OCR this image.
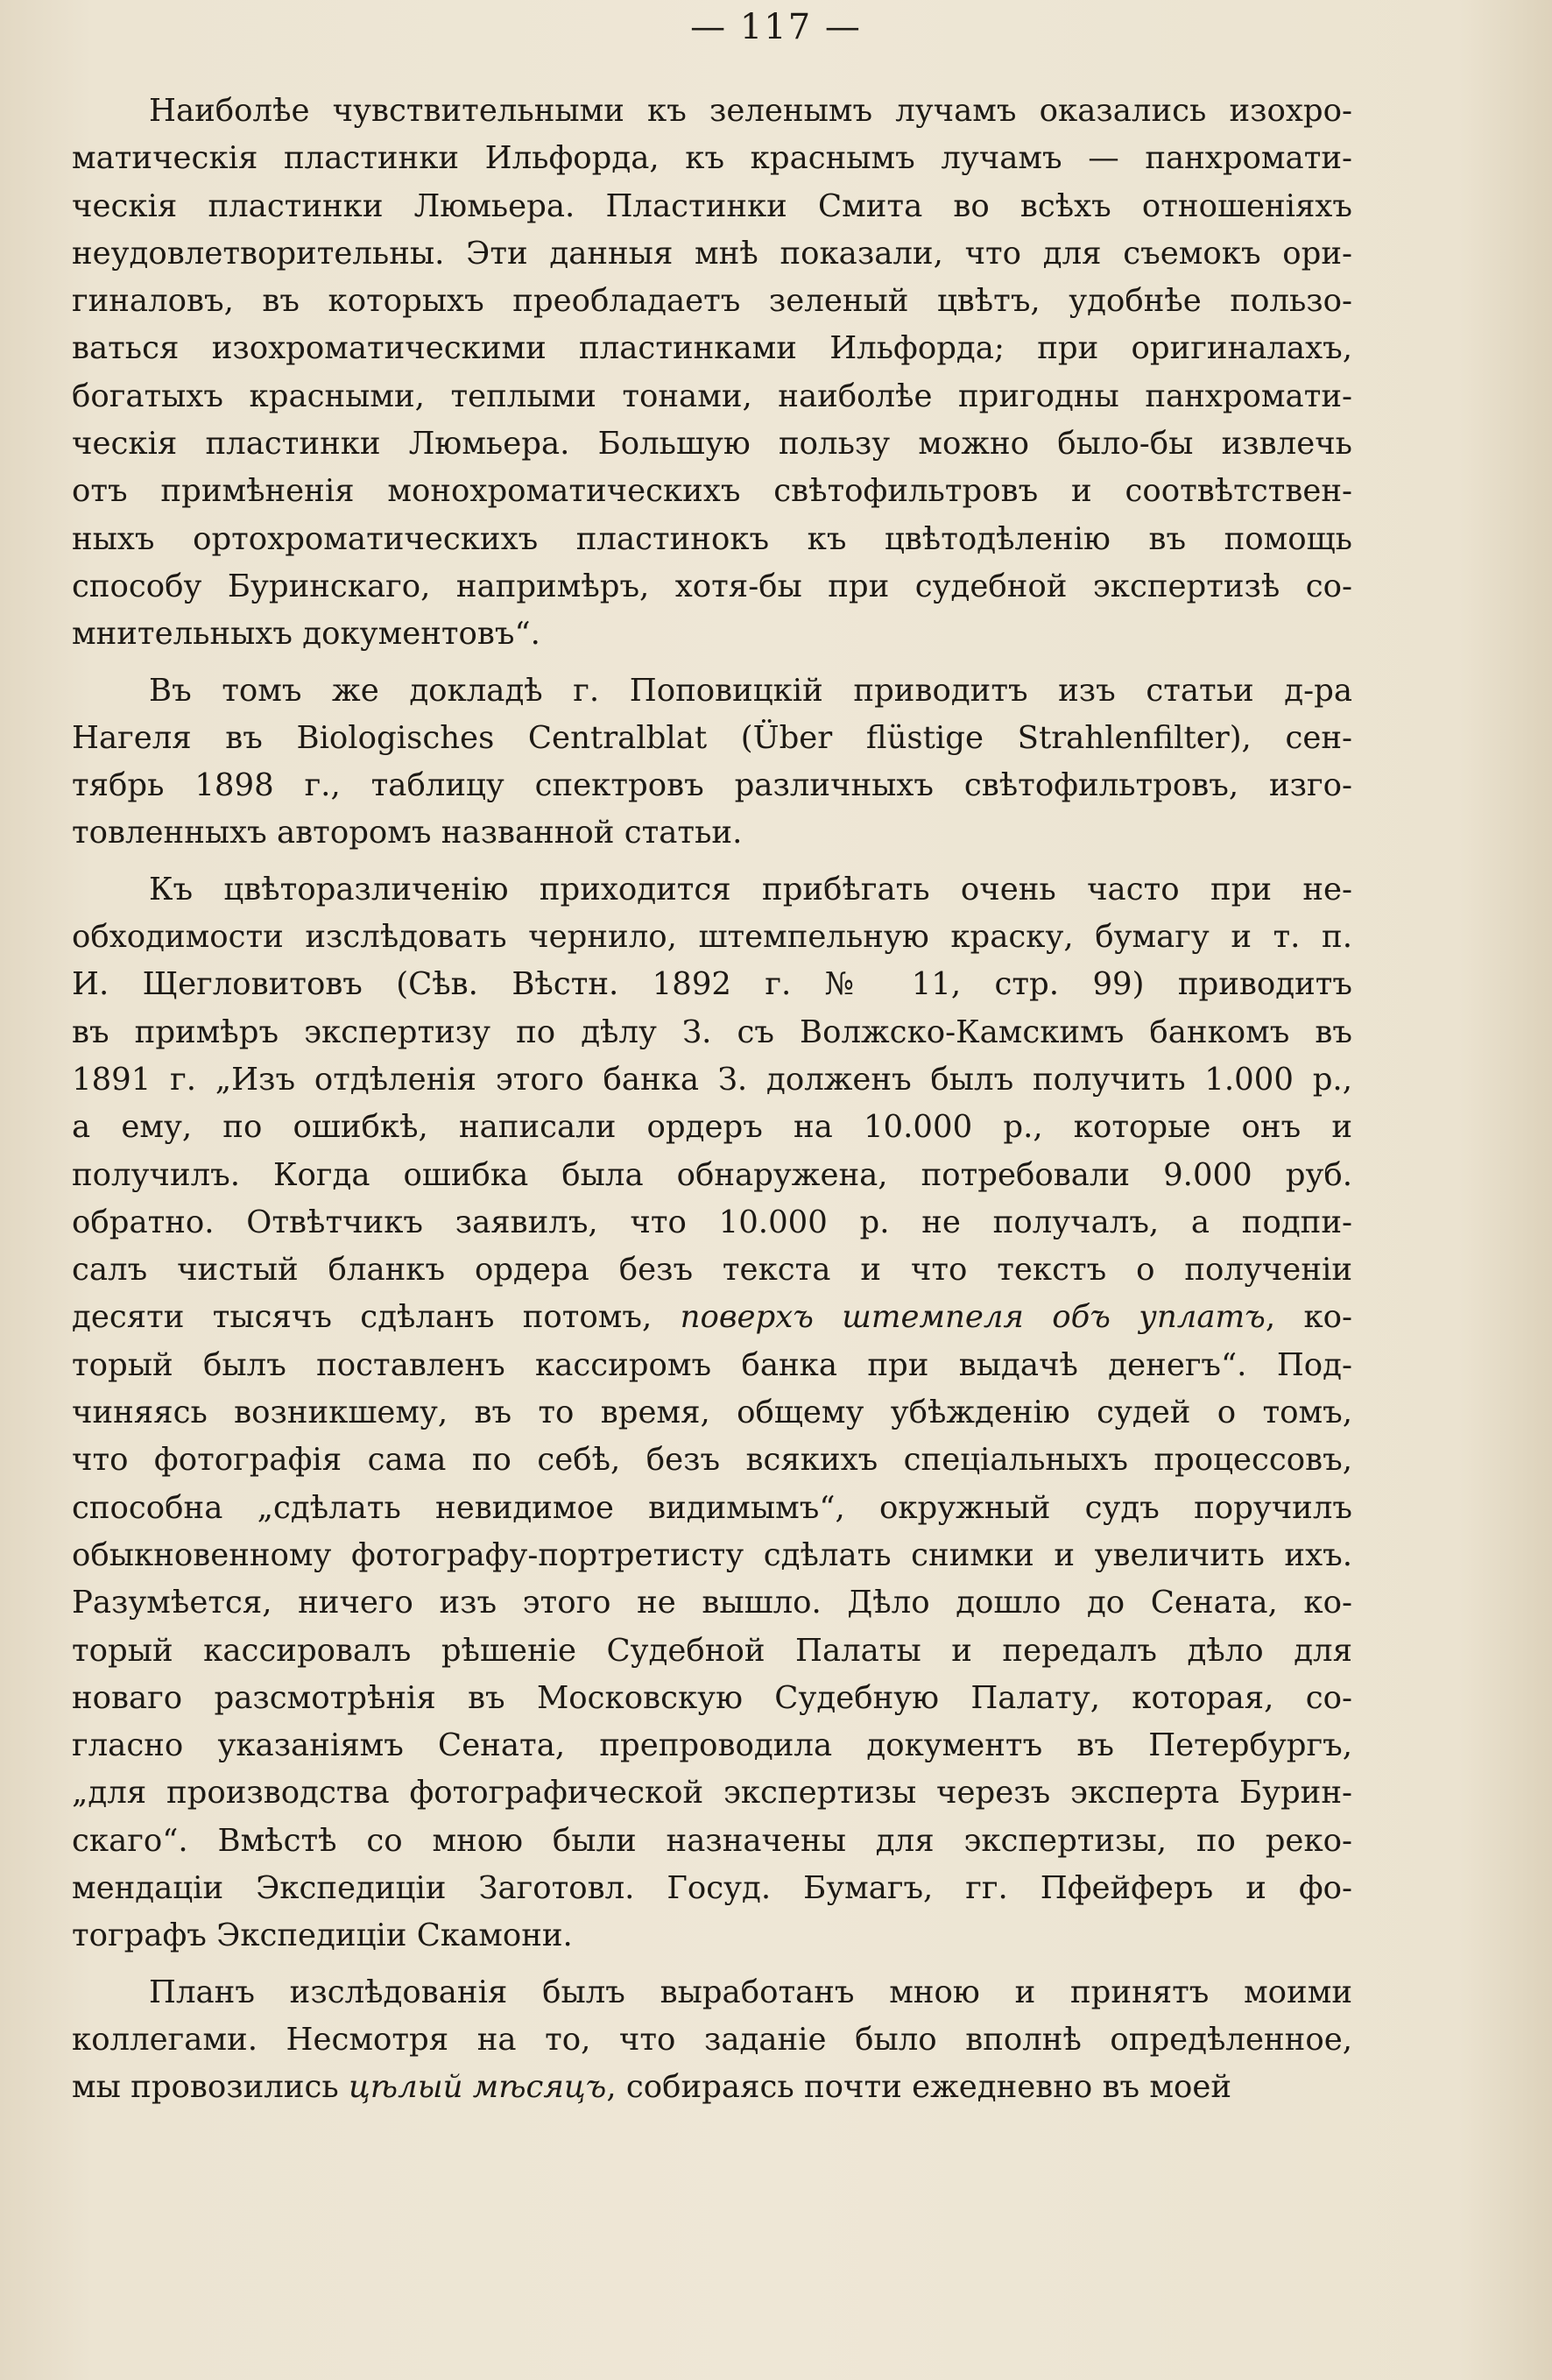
— 117 —
Наиболѣе чувствительными къ зеленымъ лучамъ оказались изохро-
матическія пластинки Ильфорда, къ краснымъ лучамъ — панхромати-
ческія пластинки Люмьера. Пластинки Смита во всѣхъ отношеніяхъ
неудовлетворительны. Эти данныя мнѣ показали, что для съемокъ ори-
гиналовъ, въ которыхъ преобладаетъ зеленый цвѣтъ, удобнѣе пользо-
ваться изохроматическими пластинками Ильфорда; при оригиналахъ,
богатыхъ красными, теплыми тонами, наиболѣе пригодны панхромати-
ческія пластинки Люмьера. Большую пользу можно было-бы извлечь
отъ примѣненія монохроматическихъ свѣтофильтровъ и соотвѣтствен-
ныхъ ортохроматическихъ пластинокъ къ цвѣтодѣленію въ помощь
способу Буринскаго, напримѣръ, хотя-бы при судебной экспертизѣ со-
мнительныхъ документовъ“.
Въ томъ же докладѣ г. Поповицкій приводитъ изъ статьи д-ра
Нагеля въ Biologisches Centralblat (Über flüstige Strahlenfilter), сен-
тябрь 1898 г., таблицу спектровъ различныхъ свѣтофильтровъ, изго-
товленныхъ авторомъ названной статьи.
Къ цвѣторазличенію приходится прибѣгать очень часто при не-
обходимости изслѣдовать чернило, штемпельную краску, бумагу и т. п.
И. Щегловитовъ (Сѣв. Вѣстн. 1892 г. № 11, стр. 99) приводитъ
въ примѣръ экспертизу по дѣлу З. съ Волжско-Камскимъ банкомъ въ
1891 г. „Изъ отдѣленія этого банка З. долженъ былъ получить 1.000 р.,
а ему, по ошибкѣ, написали ордеръ на 10.000 р., которые онъ и
получилъ. Когда ошибка была обнаружена, потребовали 9.000 руб.
обратно. Отвѣтчикъ заявилъ, что 10.000 р. не получалъ, а подпи-
салъ чистый бланкъ ордера безъ текста и что текстъ о полученіи
десяти тысячъ сдѣланъ потомъ, поверхъ штемпеля объ уплатъ, ко-
торый былъ поставленъ кассиромъ банка при выдачѣ денегъ“. Под-
чиняясь возникшему, въ то время, общему убѣжденію судей о томъ,
что фотографія сама по себѣ, безъ всякихъ спеціальныхъ процессовъ,
способна „сдѣлать невидимое видимымъ“, окружный судъ поручилъ
обыкновенному фотографу-портретисту сдѣлать снимки и увеличить ихъ.
Разумѣется, ничего изъ этого не вышло. Дѣло дошло до Сената, ко-
торый кассировалъ рѣшеніе Судебной Палаты и передалъ дѣло для
новаго разсмотрѣнія въ Московскую Судебную Палату, которая, со-
гласно указаніямъ Сената, препроводила документъ въ Петербургъ,
„для производства фотографической экспертизы черезъ эксперта Бурин-
скаго“. Вмѣстѣ со мною были назначены для экспертизы, по реко-
мендаціи Экспедиціи Заготовл. Госуд. Бумагъ, гг. Пфейферъ и фо-
тографъ Экспедиціи Скамони.
Планъ изслѣдованія былъ выработанъ мною и принятъ моими
коллегами. Несмотря на то, что заданіе было вполнѣ опредѣленное,
мы провозились цѣлый мѣсяцъ, собираясь почти ежедневно въ моей
